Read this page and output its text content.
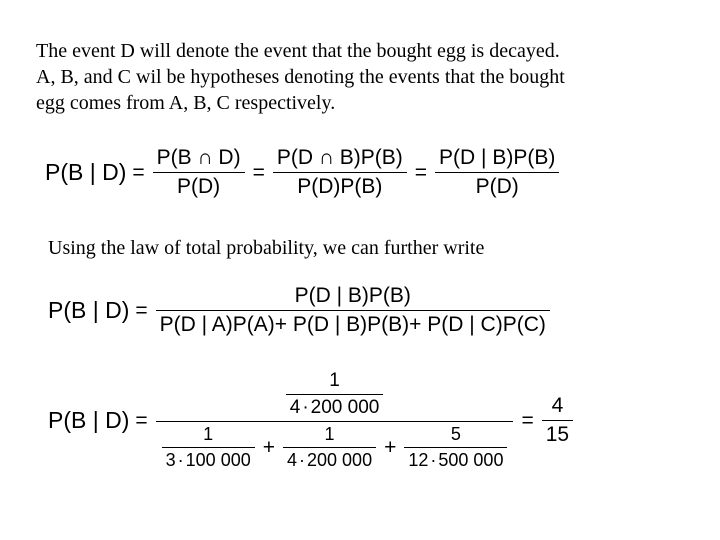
The event D will denote the event that the bought egg is decayed.
A, B, and C wil be hypotheses denoting the events that the bought
egg comes from A, B, C respectively.
P(B | $D) = \frac{P(B \cap D)}{P(D)} = \frac{P(D \cap B)P(B)}{P(D)P(B)} = \frac{P(D | B)P(B)}{P(D)}$
Using the law of total probability, we can further write
P(B | $D) = \frac{P(D | B)P(B)}{P(D | A)P(A)+ P(D | B)P(B)+ P(D | C)P(C)}$
P(B | D) =
$\frac{1}{4 \cdot 200 000}$
$\frac{1}{3 \cdot 100 000} + \frac{1}{4 \cdot 200 000} + \frac{5}{12 \cdot 500 000}$
= $\frac{4}{15}$
